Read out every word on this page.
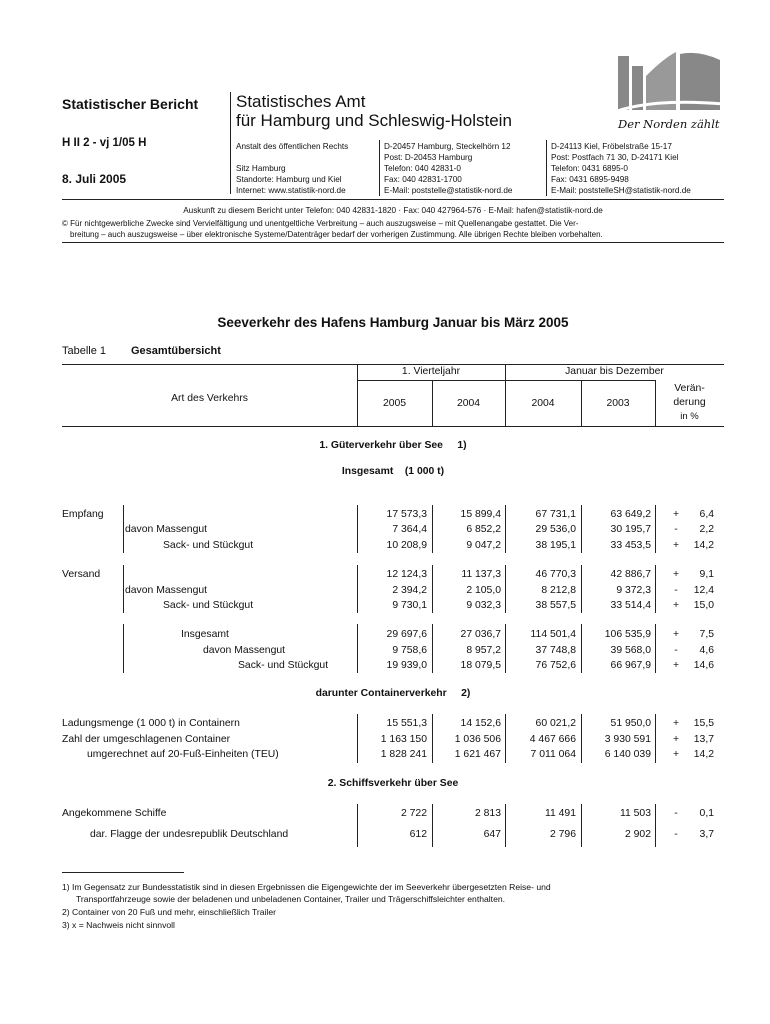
Statistischer Bericht
H II 2 - vj 1/05 H
8. Juli 2005
Statistisches Amt
für Hamburg und Schleswig-Holstein	Der Norden zählt
Anstalt des öffentlichen Rechts
Sitz Hamburg
Standorte: Hamburg und Kiel
Internet: www.statistik-nord.de
D-20457 Hamburg, Steckelhörn 12
Post: D-20453 Hamburg
Telefon: 040 42831-0
Fax: 040 42831-1700
E-Mail: poststelle@statistik-nord.de
D-24113 Kiel, Fröbelstraße 15-17
Post: Postfach 71 30, D-24171 Kiel
Telefon: 0431 6895-0
Fax: 0431 6895-9498
E-Mail: poststelleSH@statistik-nord.de
Auskunft zu diesem Bericht unter Telefon: 040 42831-1820 · Fax: 040 427964-576 · E-Mail: hafen@statistik-nord.de
© Für nichtgewerbliche Zwecke sind Vervielfältigung und unentgeltliche Verbreitung – auch auszugsweise – mit Quellenangabe gestattet. Die Ver-
breitung – auch auszugsweise – über elektronische Systeme/Datenträger bedarf der vorherigen Zustimmung. Alle übrigen Rechte bleiben vorbehalten.
Seeverkehr des Hafens Hamburg Januar bis März 2005
Tabelle 1 Gesamtübersicht
Art des Verkehrs
1. Vierteljahr	Januar bis Dezember
2005	2004	2004	2003
Verän-
derung
in %
1. Güterverkehr über See     1)
Insgesamt    (1 000 t)
darunter Containerverkehr     2)
2. Schiffsverkehr über See
Empfang	17 573,3	15 899,4	67 731,1	63 649,2 + 6,4
davon Massengut	7 364,4	6 852,2	29 536,0	30 195,7	-	2,2
Sack- und Stückgut	10 208,9	9 047,2	38 195,1	33 453,5 + 14,2
Versand	12 124,3	11 137,3	46 770,3	42 886,7 + 9,1
davon Massengut	2 394,2	2 105,0	8 212,8	9 372,3	-	12,4
Sack- und Stückgut	9 730,1	9 032,3	38 557,5	33 514,4 + 15,0
Insgesamt	29 697,6	27 036,7	114 501,4	106 535,9 + 7,5
davon Massengut	9 758,6	8 957,2	37 748,8	39 568,0	-	4,6
Sack- und Stückgut	19 939,0	18 079,5	76 752,6	66 967,9 + 14,6
Ladungsmenge (1 000 t) in Containern	15 551,3	14 152,6	60 021,2	51 950,0 + 15,5
Zahl der umgeschlagenen Container	1 163 150	1 036 506	4 467 666	3 930 591 + 13,7
umgerechnet auf 20-Fuß-Einheiten (TEU)	1 828 241	1 621 467	7 011 064	6 140 039 + 14,2
Angekommene Schiffe	2 722	2 813	11 491	11 503	-	0,1
dar. Flagge der undesrepublik Deutschland	612	647	2 796	2 902	-	3,7
1) Im Gegensatz zur Bundesstatistik sind in diesen Ergebnissen die Eigengewichte der im Seeverkehr übergesetzten Reise- und
Transportfahrzeuge sowie der beladenen und unbeladenen Container, Trailer und Trägerschiffsleichter enthalten.
2) Container von 20 Fuß und mehr, einschließlich Trailer
3) x = Nachweis nicht sinnvoll
